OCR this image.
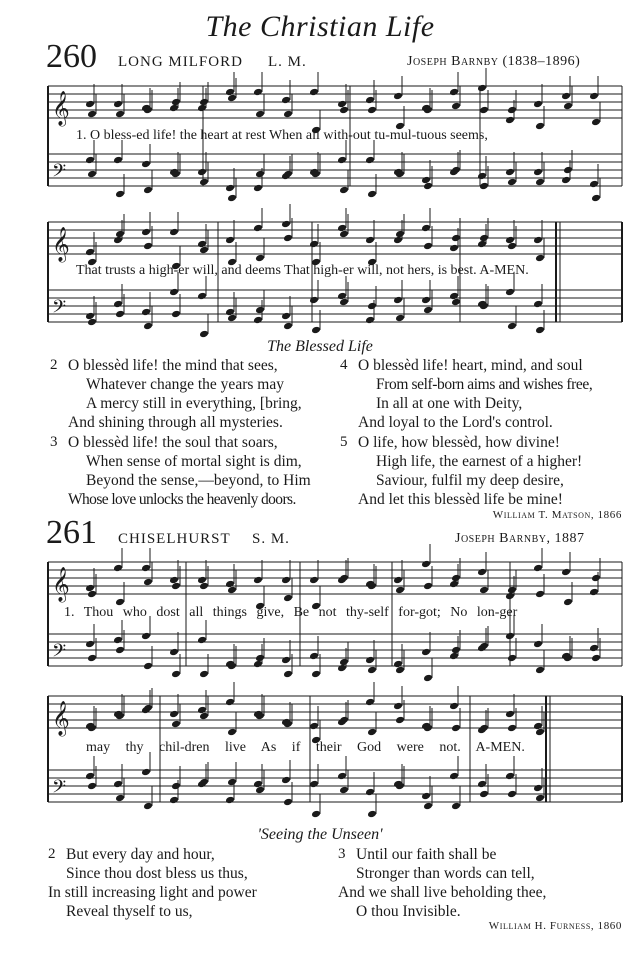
The Christian Life
260 LONG MILFORD L. M.	Joseph Barnby (1838–1896)
𝄞
𝄢
𝄞
𝄢
𝄞
𝄢
𝄞
𝄢
1. O bless-ed life! the heart at rest When all with-out tu-mul-tuous seems,
That trusts a high-er will, and deems That high-er will, not hers, is best. A-MEN.
The Blessed Life
2 O blessèd life! the mind that sees,
Whatever change the years may
A mercy still in everything, [bring,
And shining through all mysteries.
3 O blessèd life! the soul that soars,
When sense of mortal sight is dim,
Beyond the sense,—beyond, to Him
Whose love unlocks the heavenly doors.
4 O blessèd life! heart, mind, and soul
From self-born aims and wishes free,
In all at one with Deity,
And loyal to the Lord's control.
5 O life, how blessèd, how divine!
High life, the earnest of a higher!
Saviour, fulfil my deep desire,
And let this blessèd life be mine!
William T. Matson, 1866
261 CHISELHURST S. M.	Joseph Barnby, 1887
1. Thou who dost all things give, Be not thy-self for-got; No lon-ger
may thy chil-dren live As if their God were not. A-MEN.
'Seeing the Unseen'
2 But every day and hour,
Since thou dost bless us thus,
In still increasing light and power
Reveal thyself to us,
3 Until our faith shall be
Stronger than words can tell,
And we shall live beholding thee,
O thou Invisible.
William H. Furness, 1860
